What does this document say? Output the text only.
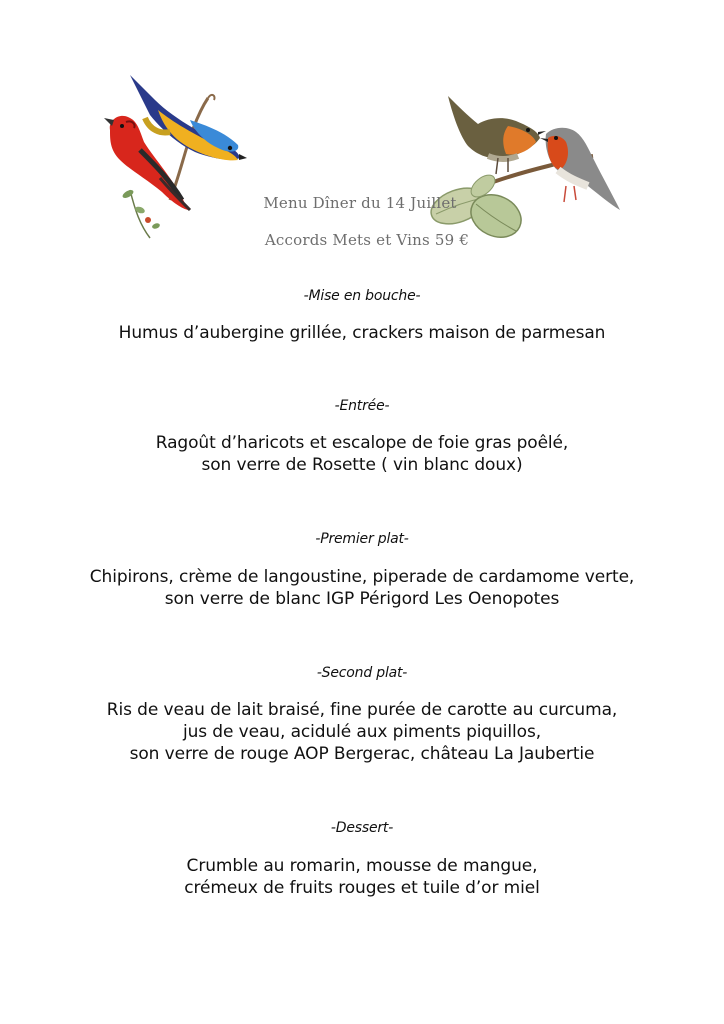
Menu Dîner du 14 Juillet
Accords Mets et Vins 59 €
-Mise en bouche-
Humus d’aubergine grillée, crackers maison de parmesan
-Entrée-
Ragoût d’haricots et escalope de foie gras poêlé,
son verre de Rosette ( vin blanc doux)
-Premier plat-
Chipirons, crème de langoustine, piperade de cardamome verte,
son verre de blanc IGP Périgord Les Oenopotes
-Second plat-
Ris de veau de lait braisé, fine purée de carotte au curcuma,
jus de veau, acidulé aux piments piquillos,
son verre de rouge AOP Bergerac, château La Jaubertie
-Dessert-
Crumble au romarin, mousse de mangue,
crémeux de fruits rouges et tuile d’or miel
